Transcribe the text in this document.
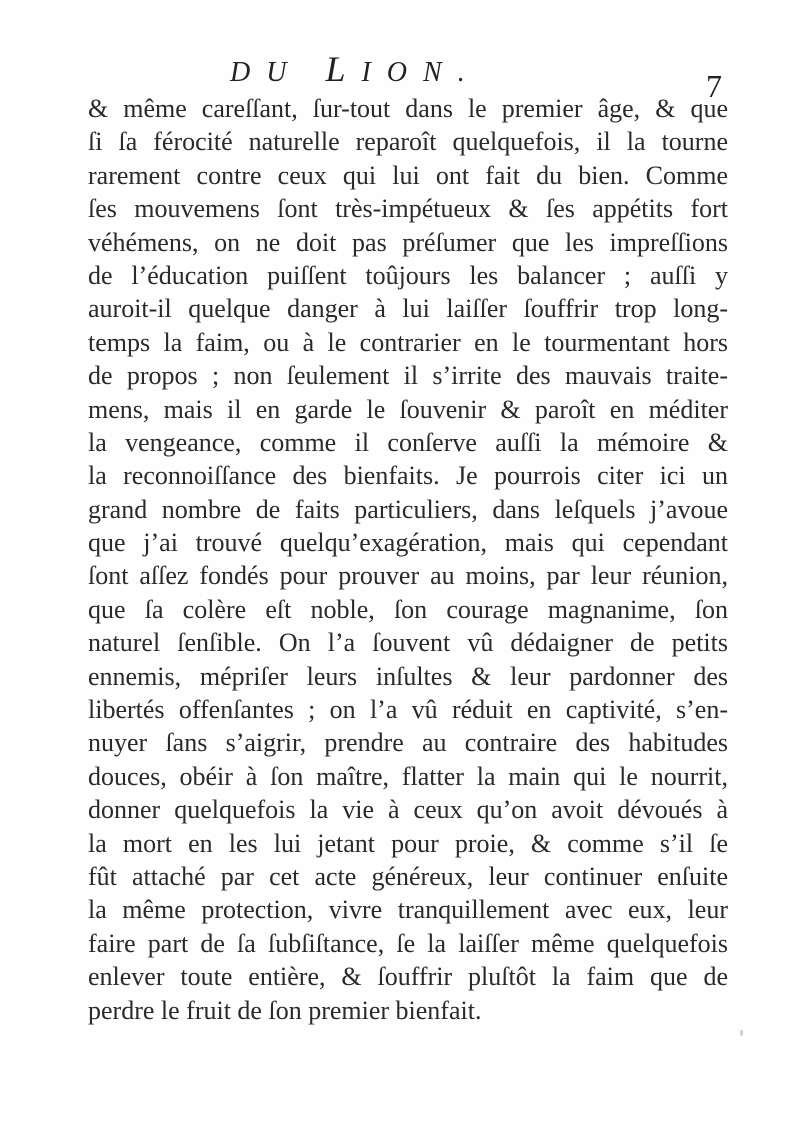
DU LION.	7
& même careſſant, ſur-tout dans le premier âge, & que
ſi ſa férocité naturelle reparoît quelquefois, il la tourne
rarement contre ceux qui lui ont fait du bien. Comme
ſes mouvemens ſont très-impétueux & ſes appétits fort
véhémens, on ne doit pas préſumer que les impreſſions
de l’éducation puiſſent toûjours les balancer ; auſſi y
auroit-il quelque danger à lui laiſſer ſouffrir trop long-
temps la faim, ou à le contrarier en le tourmentant hors
de propos ; non ſeulement il s’irrite des mauvais traite-
mens, mais il en garde le ſouvenir & paroît en méditer
la vengeance, comme il conſerve auſſi la mémoire &
la reconnoiſſance des bienfaits. Je pourrois citer ici un
grand nombre de faits particuliers, dans leſquels j’avoue
que j’ai trouvé quelqu’exagération, mais qui cependant
ſont aſſez fondés pour prouver au moins, par leur réunion,
que ſa colère eſt noble, ſon courage magnanime, ſon
naturel ſenſible. On l’a ſouvent vû dédaigner de petits
ennemis, mépriſer leurs inſultes & leur pardonner des
libertés offenſantes ; on l’a vû réduit en captivité, s’en-
nuyer ſans s’aigrir, prendre au contraire des habitudes
douces, obéir à ſon maître, flatter la main qui le nourrit,
donner quelquefois la vie à ceux qu’on avoit dévoués à
la mort en les lui jetant pour proie, & comme s’il ſe
fût attaché par cet acte généreux, leur continuer enſuite
la même protection, vivre tranquillement avec eux, leur
faire part de ſa ſubſiſtance, ſe la laiſſer même quelquefois
enlever toute entière, & ſouffrir pluſtôt la faim que de
perdre le fruit de ſon premier bienfait.
